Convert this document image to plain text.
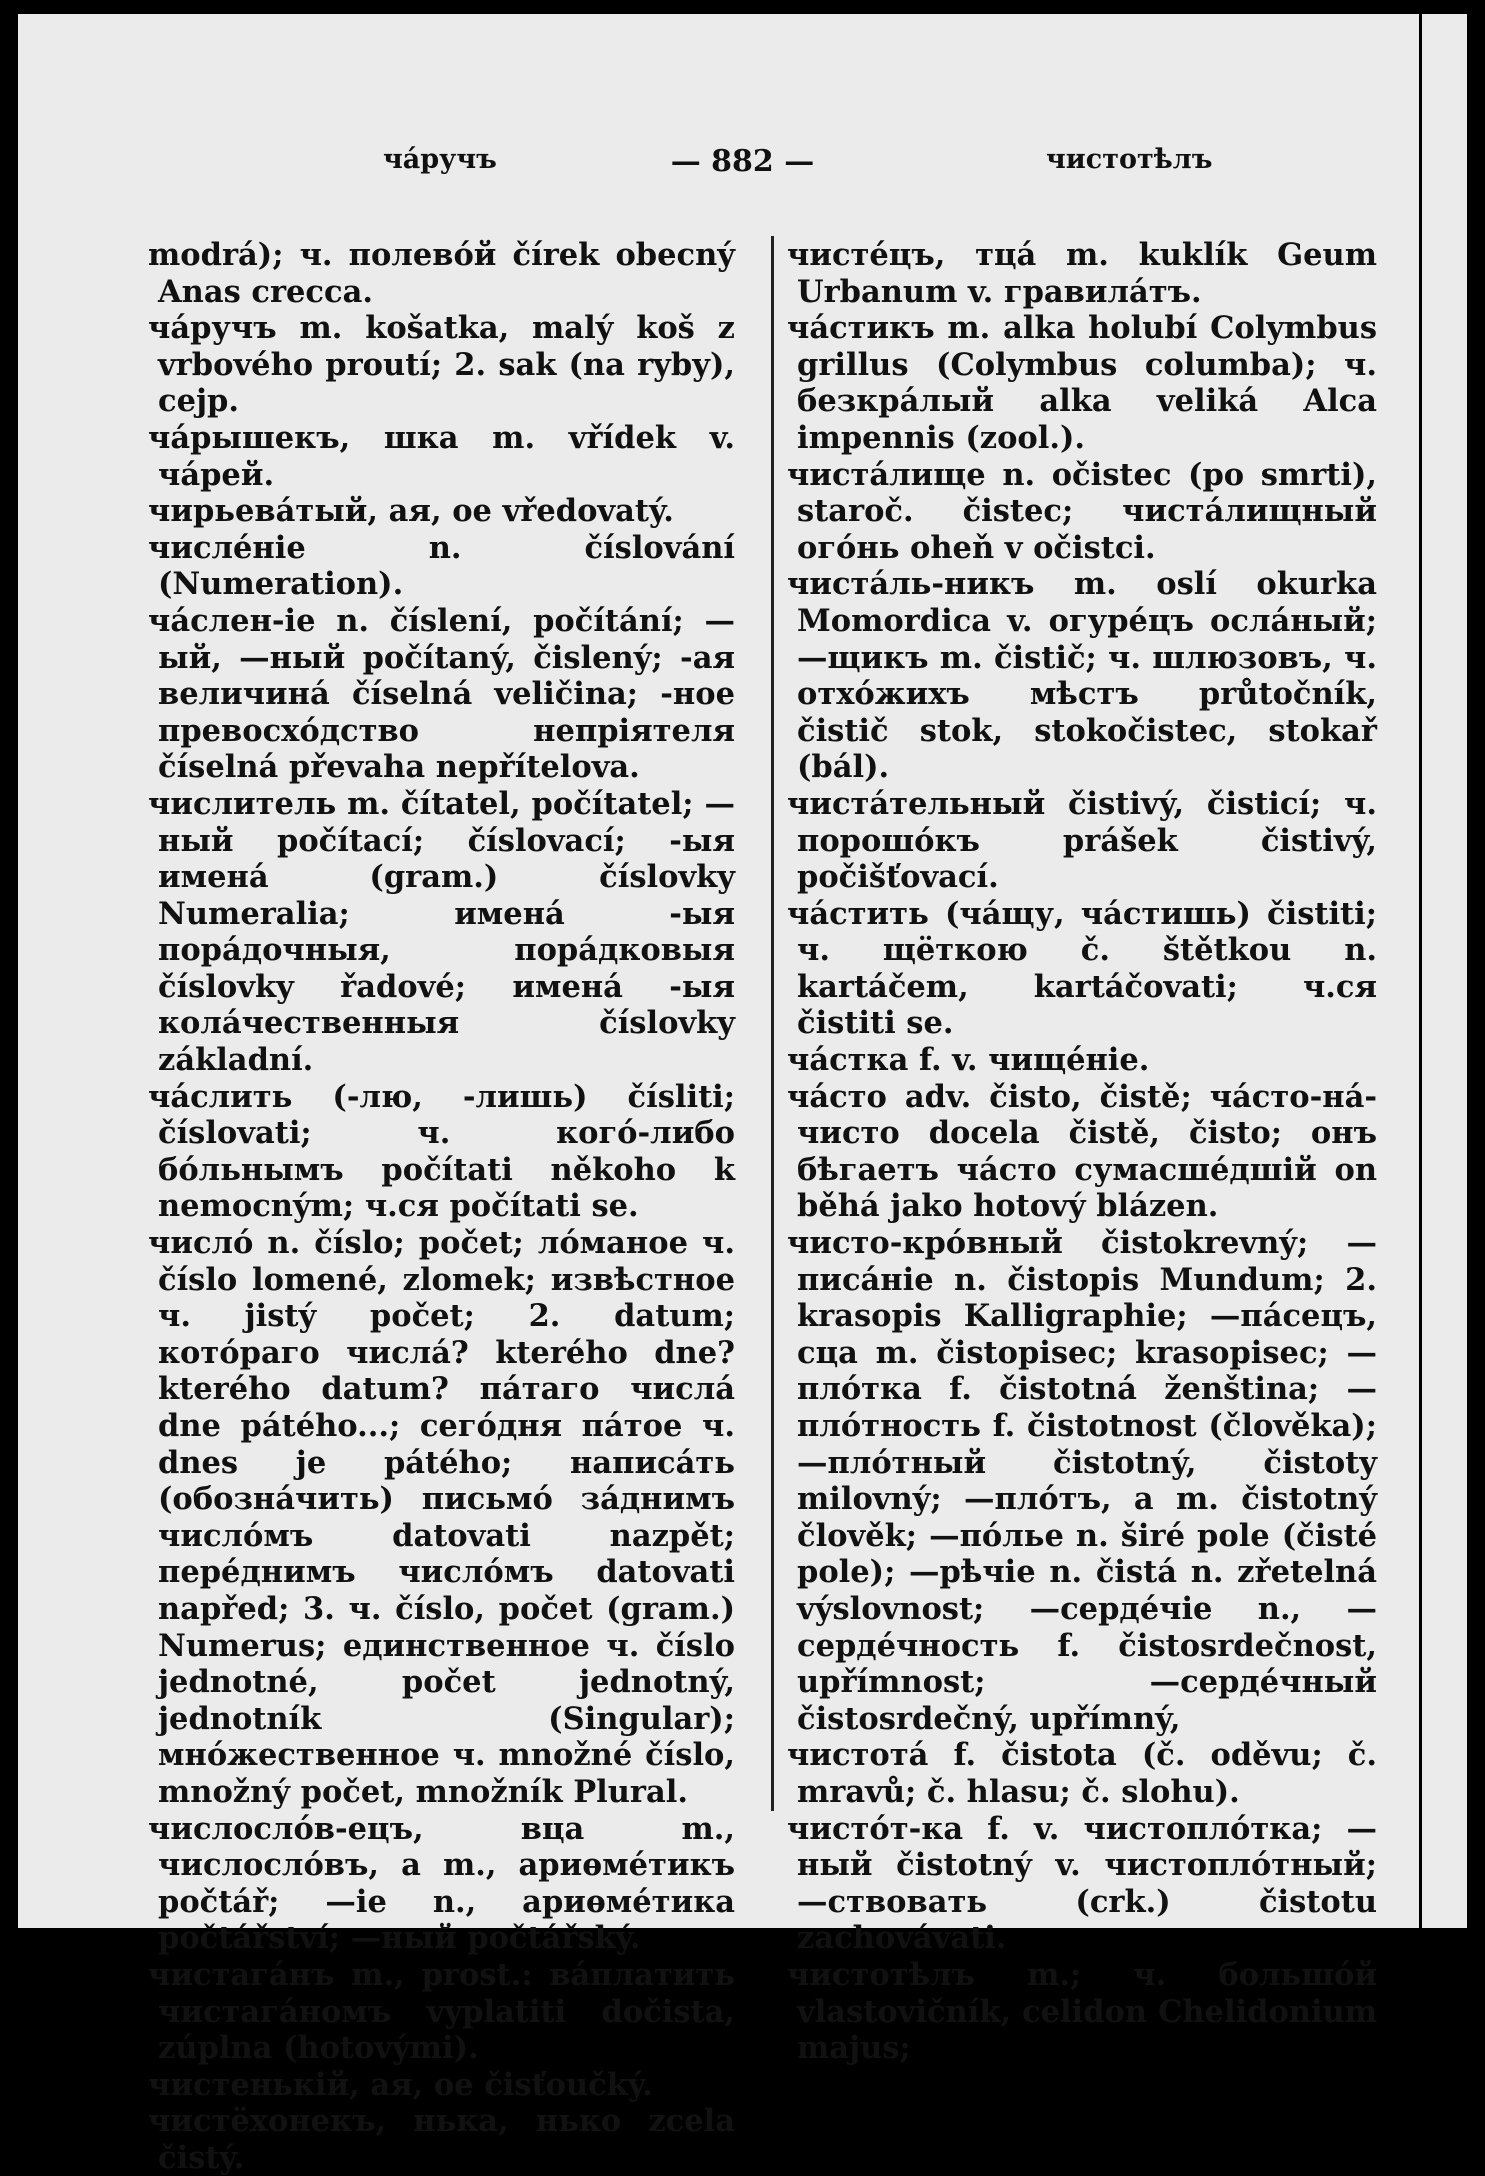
чáручъ	— 882 —	чистотѣлъ

modrá); ч. полевóй čírek obecný Anas crecca.

чáручъ m. košatka, malý koš z vrbového proutí; 2. sak (na ryby), cejp.

чáрышекъ, шка m. vřídek v. чáрей.

чирьевáтый, ая, ое vředovatý.

числéніе n. číslování (Numeration).

чáслен-іе n. číslení, počítání; —ый, —ный počítaný, čislený; -ая величинá číselná veličina; -ное превосхóдство непріятеля číselná převaha nepřítelova.

числитель m. čítatel, počítatel; —ный počítací; číslovací; -ыя именá (gram.) číslovky Numeralia; именá -ыя порáдочныя, порáдковыя číslovky řadové; именá -ыя колáчественныя číslovky základní.

чáслить (-лю, -лишь) čísliti; číslovati; ч. когó-либо бóльнымъ počítati někoho k nemocným; ч.ся počítati se.

числó n. číslo; počet; лóманое ч. číslo lomené, zlomek; извѣстное ч. jistý počet; 2. datum; котóраго числá? kterého dne? kterého datum? пáтаго числá dne pátého...; сегóдня пáтое ч. dnes je pátého; написáть (обознáчить) письмó зáднимъ числóмъ datovati nazpět; перéднимъ числóмъ datovati napřed; 3. ч. číslo, počet (gram.) Numerus; единственное ч. číslo jednotné, počet jednotný, jednotník (Singular); мнóжественное ч. množné číslo, množný počet, množník Plural.

числослóв-ецъ, вца m., числослóвъ, а m., ариѳмéтикъ počtář; —іе n., ариѳмéтика počtářství; —ный počtářský.

чистагáнъ m., prost.: вáплатить чистагáномъ vyplatiti dočista, zúplna (hotovými).

чистенькій, ая, ое čisťoučký.

чистёхонекъ, нька, нько zcela čistý.

чистéцъ, тцá m. kuklík Geum Urbanum v. гравилáтъ.

чáстикъ m. alka holubí Colymbus grillus (Colymbus columba); ч. безкрáлый alka veliká Alca impennis (zool.).

чистáлище n. očistec (po smrti), staroč. čistec; чистáлищный огóнь oheň v očistci.

чистáль-никъ m. oslí okurka Momordica v. огурéцъ ослáный; —щикъ m. čistič; ч. шлюзовъ, ч. отхóжихъ мѣстъ průtočník, čistič stok, stokočistec, stokař (bál).

чистáтельный čistivý, čisticí; ч. порошóкъ prášek čistivý, počišťovací.

чáстить (чáщу, чáстишь) čistiti; ч. щёткою č. štětkou n. kartáčem, kartáčovati; ч.ся čistiti se.

чáстка f. v. чищéніе.

чáсто adv. čisto, čistě; чáсто-нá-чисто docela čistě, čisto; онъ бѣгаетъ чáсто сумасшéдшій on běhá jako hotový blázen.

чисто-крóвный čistokrevný; —писáніе n. čistopis Mundum; 2. krasopis Kalligraphie; —пáсецъ, сца m. čistopisec; krasopisec; —плóтка f. čistotná ženština; —плóтность f. čistotnost (člověka); —плóтный čistotný, čistoty milovný; —плóтъ, а m. čistotný člověk; —пóлье n. širé pole (čisté pole); —рѣчіе n. čistá n. zřetelná výslovnost; —сердéчіе n., —сердéчность f. čistosrdečnost, upřímnost; —сердéчный čistosrdečný, upřímný,

чистотá f. čistota (č. oděvu; č. mravů; č. hlasu; č. slohu).

чистóт-ка f. v. чистоплóтка; —ный čistotný v. чистоплóтный; —ствовать (crk.) čistotu zachovávati.

чистотѣлъ m.; ч. большóй vlastovičník, celidon Chelidonium majus;
